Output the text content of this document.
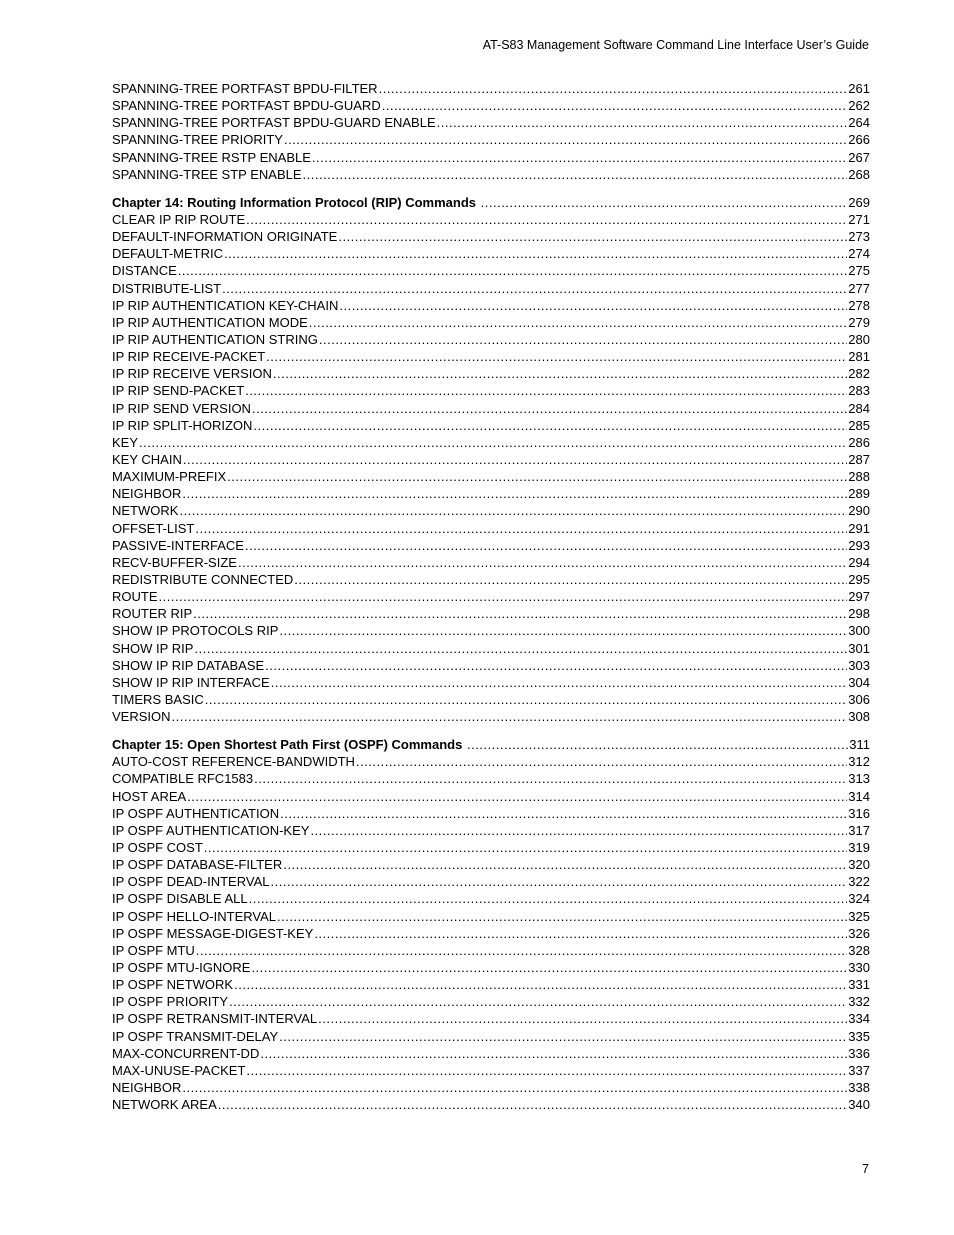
AT-S83 Management Software Command Line Interface User’s Guide
SPANNING-TREE PORTFAST BPDU-FILTER .....	261
SPANNING-TREE PORTFAST BPDU-GUARD .....	262
SPANNING-TREE PORTFAST BPDU-GUARD ENABLE .....	264
SPANNING-TREE PRIORITY .....	266
SPANNING-TREE RSTP ENABLE .....	267
SPANNING-TREE STP ENABLE .....	268
Chapter 14: Routing Information Protocol (RIP) Commands .....	269
CLEAR IP RIP ROUTE .....	271
DEFAULT-INFORMATION ORIGINATE .....	273
DEFAULT-METRIC .....	274
DISTANCE .....	275
DISTRIBUTE-LIST .....	277
IP RIP AUTHENTICATION KEY-CHAIN .....	278
IP RIP AUTHENTICATION MODE .....	279
IP RIP AUTHENTICATION STRING .....	280
IP RIP RECEIVE-PACKET .....	281
IP RIP RECEIVE VERSION .....	282
IP RIP SEND-PACKET .....	283
IP RIP SEND VERSION .....	284
IP RIP SPLIT-HORIZON .....	285
KEY .....	286
KEY CHAIN .....	287
MAXIMUM-PREFIX .....	288
NEIGHBOR .....	289
NETWORK .....	290
OFFSET-LIST .....	291
PASSIVE-INTERFACE .....	293
RECV-BUFFER-SIZE .....	294
REDISTRIBUTE CONNECTED .....	295
ROUTE .....	297
ROUTER RIP .....	298
SHOW IP PROTOCOLS RIP .....	300
SHOW IP RIP .....	301
SHOW IP RIP DATABASE .....	303
SHOW IP RIP INTERFACE .....	304
TIMERS BASIC .....	306
VERSION .....	308
Chapter 15: Open Shortest Path First (OSPF) Commands .....	311
AUTO-COST REFERENCE-BANDWIDTH .....	312
COMPATIBLE RFC1583 .....	313
HOST AREA .....	314
IP OSPF AUTHENTICATION .....	316
IP OSPF AUTHENTICATION-KEY .....	317
IP OSPF COST .....	319
IP OSPF DATABASE-FILTER .....	320
IP OSPF DEAD-INTERVAL .....	322
IP OSPF DISABLE ALL .....	324
IP OSPF HELLO-INTERVAL .....	325
IP OSPF MESSAGE-DIGEST-KEY .....	326
IP OSPF MTU .....	328
IP OSPF MTU-IGNORE .....	330
IP OSPF NETWORK .....	331
IP OSPF PRIORITY .....	332
IP OSPF RETRANSMIT-INTERVAL .....	334
IP OSPF TRANSMIT-DELAY .....	335
MAX-CONCURRENT-DD .....	336
MAX-UNUSE-PACKET .....	337
NEIGHBOR .....	338
NETWORK AREA .....	340
7
